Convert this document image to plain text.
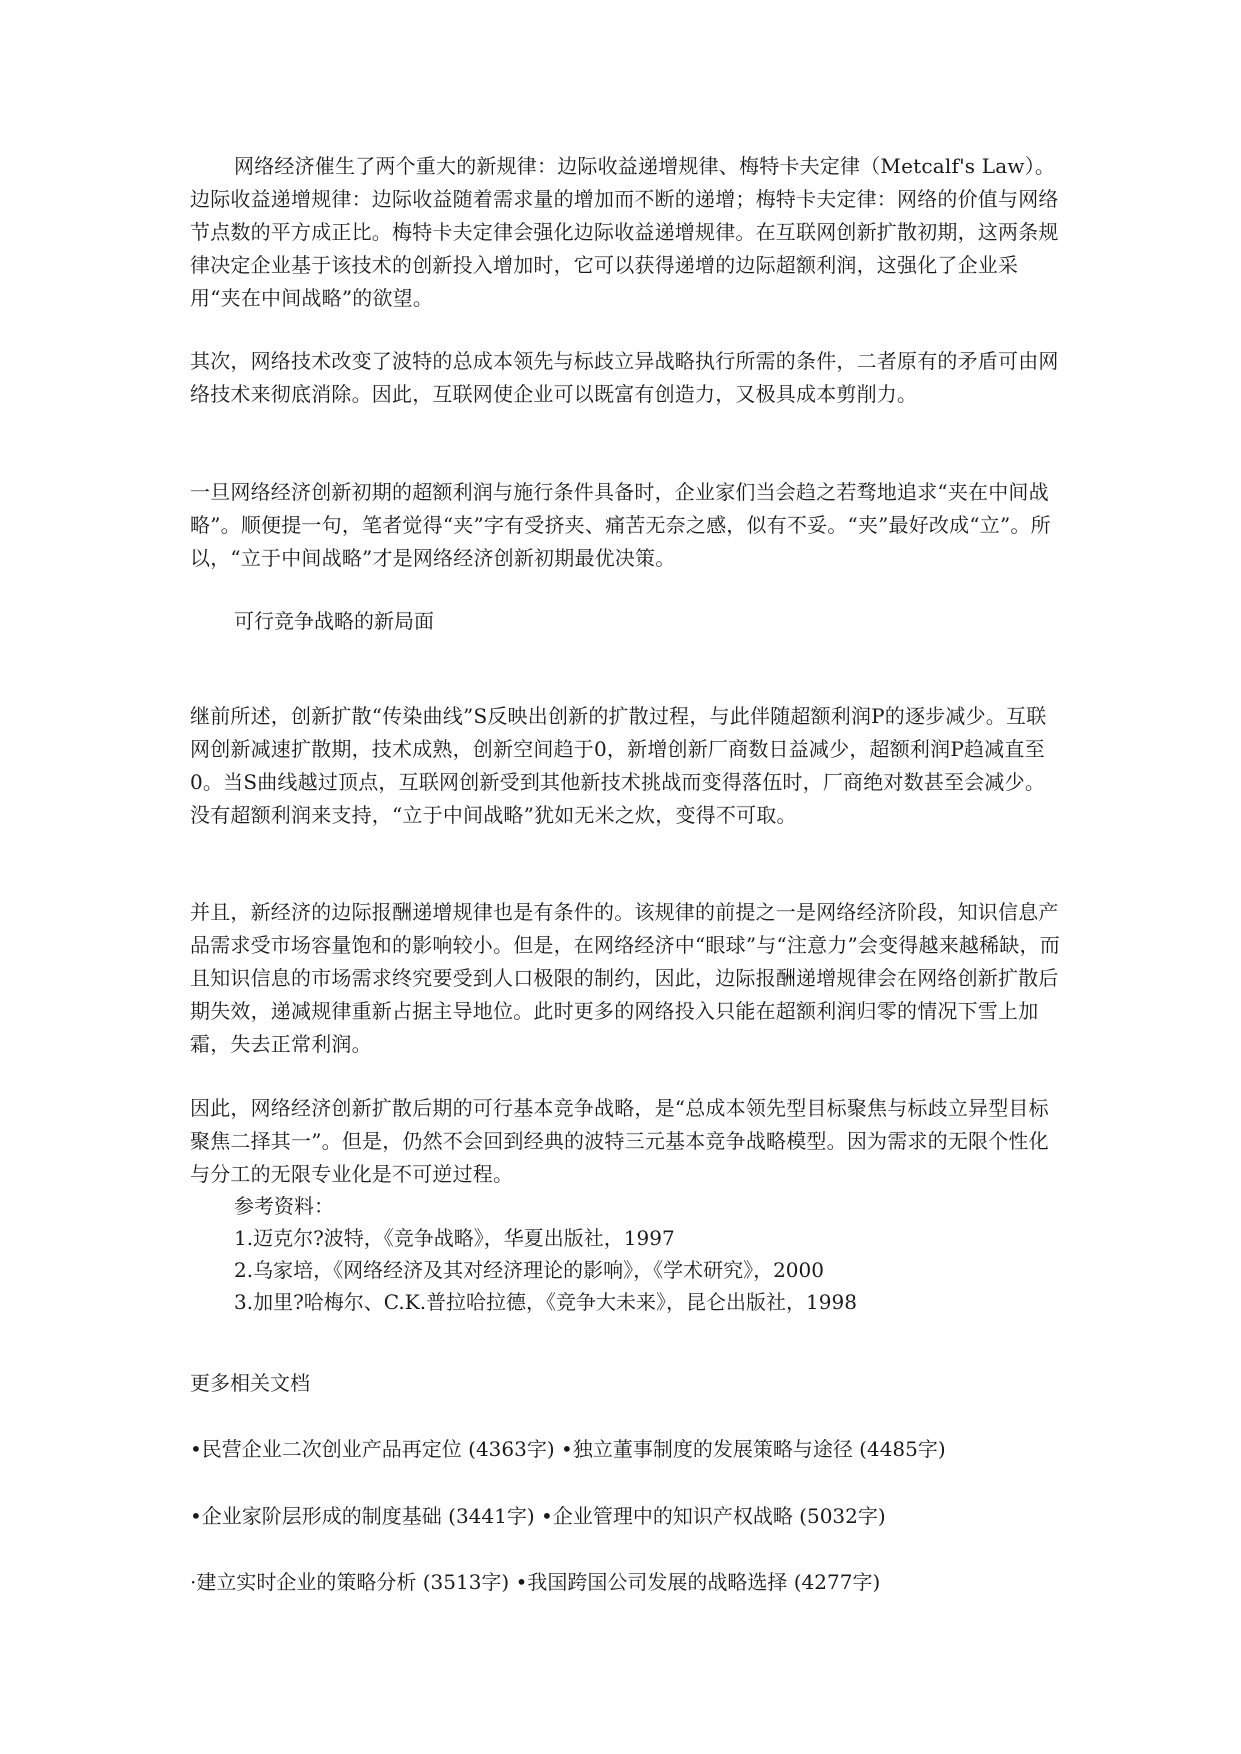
网络经济催生了两个重大的新规律：边际收益递增规律、梅特卡夫定律（Metcalf's Law）。边际收益递增规律：边际收益随着需求量的增加而不断的递增；梅特卡夫定律：网络的价值与网络节点数的平方成正比。梅特卡夫定律会强化边际收益递增规律。在互联网创新扩散初期，这两条规律决定企业基于该技术的创新投入增加时，它可以获得递增的边际超额利润，这强化了企业采用“夹在中间战略”的欲望。

其次，网络技术改变了波特的总成本领先与标歧立异战略执行所需的条件，二者原有的矛盾可由网络技术来彻底消除。因此，互联网使企业可以既富有创造力，又极具成本剪削力。

一旦网络经济创新初期的超额利润与施行条件具备时，企业家们当会趋之若骛地追求“夹在中间战略”。顺便提一句，笔者觉得“夹”字有受挤夹、痛苦无奈之感，似有不妥。“夹”最好改成“立”。所以，“立于中间战略”才是网络经济创新初期最优决策。

可行竞争战略的新局面

继前所述，创新扩散“传染曲线”S反映出创新的扩散过程，与此伴随超额利润P的逐步减少。互联网创新减速扩散期，技术成熟，创新空间趋于0，新增创新厂商数日益减少，超额利润P趋减直至0。当S曲线越过顶点，互联网创新受到其他新技术挑战而变得落伍时，厂商绝对数甚至会减少。没有超额利润来支持，“立于中间战略”犹如无米之炊，变得不可取。

并且，新经济的边际报酬递增规律也是有条件的。该规律的前提之一是网络经济阶段，知识信息产品需求受市场容量饱和的影响较小。但是，在网络经济中“眼球”与“注意力”会变得越来越稀缺，而且知识信息的市场需求终究要受到人口极限的制约，因此，边际报酬递增规律会在网络创新扩散后期失效，递减规律重新占据主导地位。此时更多的网络投入只能在超额利润归零的情况下雪上加霜，失去正常利润。

因此，网络经济创新扩散后期的可行基本竞争战略，是“总成本领先型目标聚焦与标歧立异型目标聚焦二择其一”。但是，仍然不会回到经典的波特三元基本竞争战略模型。因为需求的无限个性化与分工的无限专业化是不可逆过程。

参考资料：
1.迈克尔?波特，《竞争战略》，华夏出版社，1997
2.乌家培，《网络经济及其对经济理论的影响》，《学术研究》，2000
3.加里?哈梅尔、C.K.普拉哈拉德，《竞争大未来》，昆仑出版社，1998

更多相关文档

•民营企业二次创业产品再定位 (4363字) •独立董事制度的发展策略与途径 (4485字)

•企业家阶层形成的制度基础 (3441字) •企业管理中的知识产权战略 (5032字)

·建立实时企业的策略分析 (3513字) •我国跨国公司发展的战略选择 (4277字)
